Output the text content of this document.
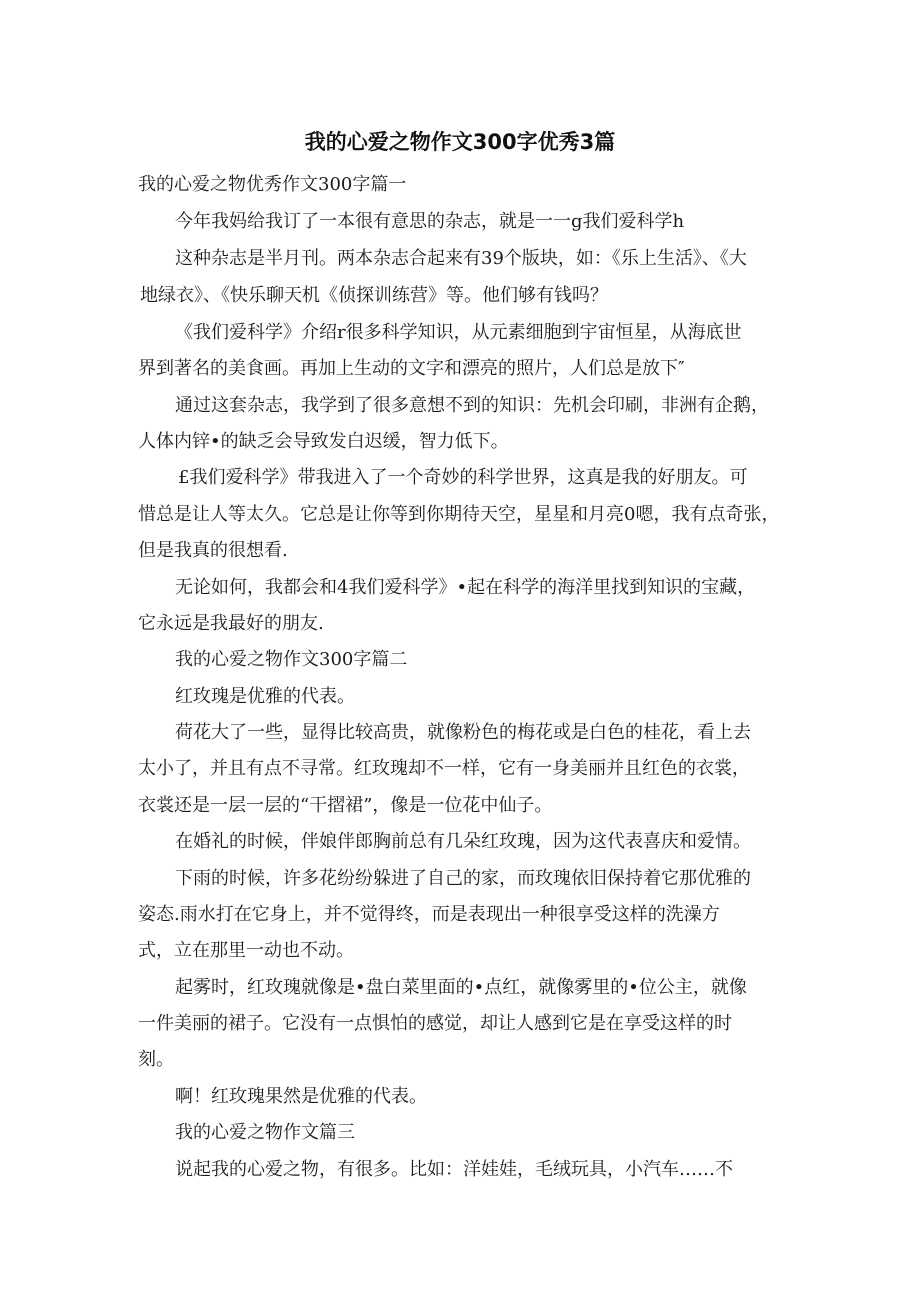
我的心爱之物作文300字优秀3篇
我的心爱之物优秀作文300字篇一
今年我妈给我订了一本很有意思的杂志，就是一一g我们爱科学h
这种杂志是半月刊。两本杂志合起来有39个版块，如：《乐上生活》、《大
地绿衣》、《快乐聊天机《侦探训练营》等。他们够有钱吗？
《我们爱科学》介绍r很多科学知识，从元素细胞到宇宙恒星，从海底世
界到著名的美食画。再加上生动的文字和漂亮的照片，人们总是放下″
通过这套杂志，我学到了很多意想不到的知识：先机会印刷，非洲有企鹅，
人体内锌•的缺乏会导致发白迟缓，智力低下。
£我们爱科学》带我进入了一个奇妙的科学世界，这真是我的好朋友。可
惜总是让人等太久。它总是让你等到你期待天空，星星和月亮0嗯，我有点奇张，
但是我真的很想看.
无论如何，我都会和4我们爱科学》•起在科学的海洋里找到知识的宝藏，
它永远是我最好的朋友.
我的心爱之物作文300字篇二
红玫瑰是优雅的代表。
荷花大了一些，显得比较高贵，就像粉色的梅花或是白色的桂花，看上去
太小了，并且有点不寻常。红玫瑰却不一样，它有一身美丽并且红色的衣裳，
衣裳还是一层一层的“干摺裙”，像是一位花中仙子。
在婚礼的时候，伴娘伴郎胸前总有几朵红玫瑰，因为这代表喜庆和爱情。
下雨的时候，许多花纷纷躲进了自己的家，而玫瑰依旧保持着它那优雅的
姿态.雨水打在它身上，并不觉得终，而是表现出一种很享受这样的洗澡方
式，立在那里一动也不动。
起雾时，红玫瑰就像是•盘白菜里面的•点红，就像雾里的•位公主，就像
一件美丽的裙子。它没有一点惧怕的感觉，却让人感到它是在享受这样的时
刻。
啊！红玫瑰果然是优雅的代表。
我的心爱之物作文篇三
说起我的心爱之物，有很多。比如：洋娃娃，毛绒玩具，小汽车……不
